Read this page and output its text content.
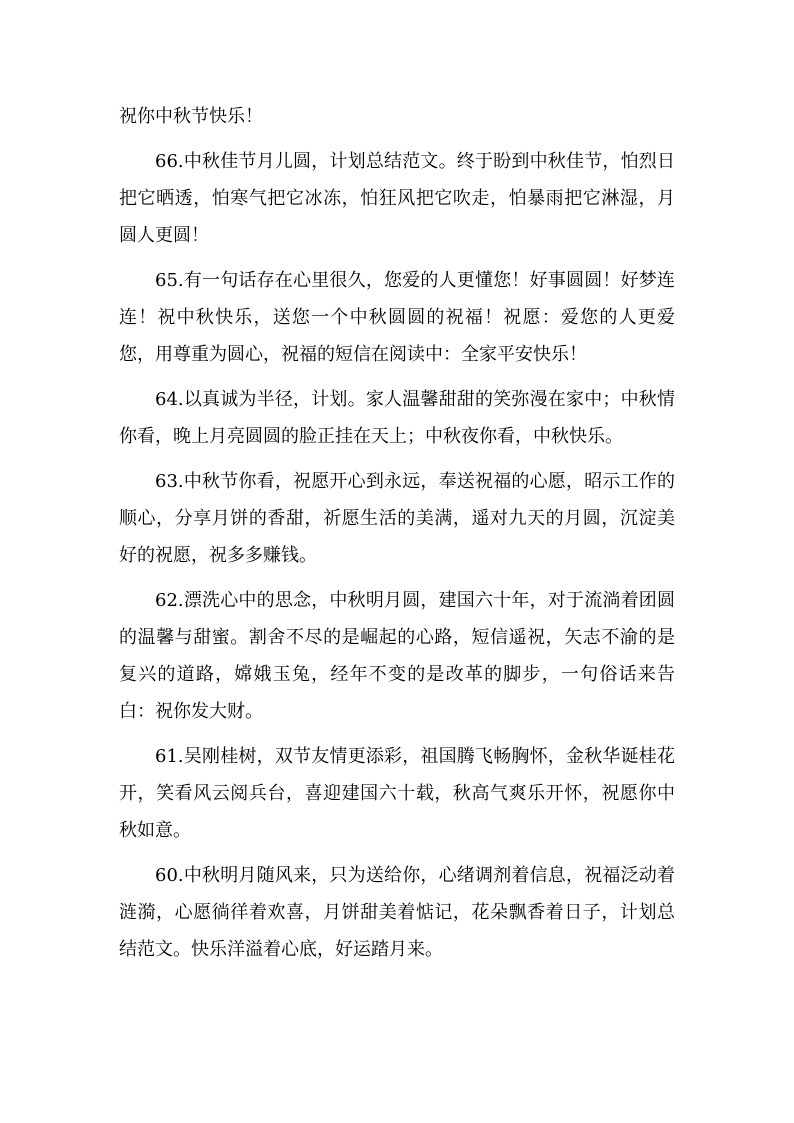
祝你中秋节快乐！

66.中秋佳节月儿圆，计划总结范文。终于盼到中秋佳节，怕烈日把它晒透，怕寒气把它冰冻，怕狂风把它吹走，怕暴雨把它淋湿，月圆人更圆！

65.有一句话存在心里很久，您爱的人更懂您！好事圆圆！好梦连连！祝中秋快乐，送您一个中秋圆圆的祝福！祝愿：爱您的人更爱您，用尊重为圆心，祝福的短信在阅读中：全家平安快乐！

64.以真诚为半径，计划。家人温馨甜甜的笑弥漫在家中；中秋情你看，晚上月亮圆圆的脸正挂在天上；中秋夜你看，中秋快乐。

63.中秋节你看，祝愿开心到永远，奉送祝福的心愿，昭示工作的顺心，分享月饼的香甜，祈愿生活的美满，遥对九天的月圆，沉淀美好的祝愿，祝多多赚钱。

62.漂洗心中的思念，中秋明月圆，建国六十年，对于流淌着团圆的温馨与甜蜜。割舍不尽的是崛起的心路，短信遥祝，矢志不渝的是复兴的道路，嫦娥玉兔，经年不变的是改革的脚步，一句俗话来告白：祝你发大财。

61.吴刚桂树，双节友情更添彩，祖国腾飞畅胸怀，金秋华诞桂花开，笑看风云阅兵台，喜迎建国六十载，秋高气爽乐开怀，祝愿你中秋如意。

60.中秋明月随风来，只为送给你，心绪调剂着信息，祝福泛动着涟漪，心愿徜徉着欢喜，月饼甜美着惦记，花朵飘香着日子，计划总结范文。快乐洋溢着心底，好运踏月来。
